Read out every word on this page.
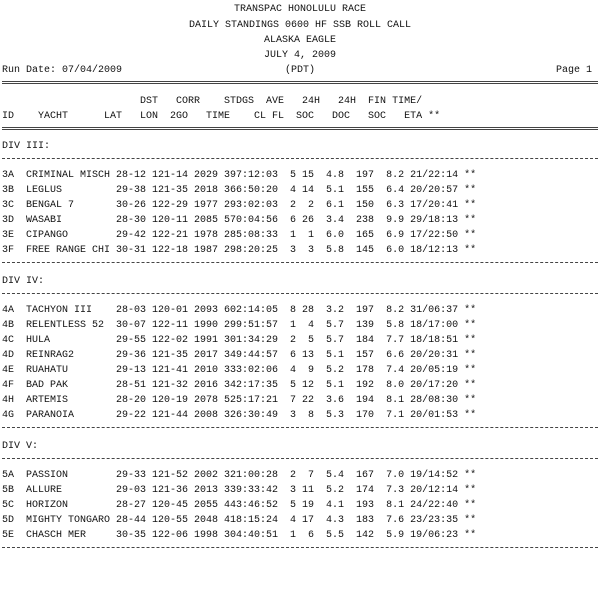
TRANSPAC HONOLULU RACE

DAILY STANDINGS 0600 HF SSB ROLL CALL

ALASKA EAGLE

JULY 4, 2009

Run Date: 07/04/2009

	(PDT)

	Page 1

DST   CORR    STDGS  AVE   24H   24H  FIN TIME/

ID    YACHT      LAT   LON  2GO   TIME    CL FL  SOC   DOC   SOC   ETA **

DIV III:

3A  CRIMINAL MISCH 28-12 121-14 2029 397:12:03  5 15  4.8  197  8.2 21/22:14 **

3B  LEGLUS         29-38 121-35 2018 366:50:20  4 14  5.1  155  6.4 20/20:57 **

3C  BENGAL 7       30-26 122-29 1977 293:02:03  2  2  6.1  150  6.3 17/20:41 **

3D  WASABI         28-30 120-11 2085 570:04:56  6 26  3.4  238  9.9 29/18:13 **

3E  CIPANGO        29-42 122-21 1978 285:08:33  1  1  6.0  165  6.9 17/22:50 **

3F  FREE RANGE CHI 30-31 122-18 1987 298:20:25  3  3  5.8  145  6.0 18/12:13 **

DIV IV:

4A  TACHYON III    28-03 120-01 2093 602:14:05  8 28  3.2  197  8.2 31/06:37 **

4B  RELENTLESS 52  30-07 122-11 1990 299:51:57  1  4  5.7  139  5.8 18/17:00 **

4C  HULA           29-55 122-02 1991 301:34:29  2  5  5.7  184  7.7 18/18:51 **

4D  REINRAG2       29-36 121-35 2017 349:44:57  6 13  5.1  157  6.6 20/20:31 **

4E  RUAHATU        29-13 121-41 2010 333:02:06  4  9  5.2  178  7.4 20/05:19 **

4F  BAD PAK        28-51 121-32 2016 342:17:35  5 12  5.1  192  8.0 20/17:20 **

4H  ARTEMIS        28-20 120-19 2078 525:17:21  7 22  3.6  194  8.1 28/08:30 **

4G  PARANOIA       29-22 121-44 2008 326:30:49  3  8  5.3  170  7.1 20/01:53 **

DIV V:

5A  PASSION        29-33 121-52 2002 321:00:28  2  7  5.4  167  7.0 19/14:52 **

5B  ALLURE         29-03 121-36 2013 339:33:42  3 11  5.2  174  7.3 20/12:14 **

5C  HORIZON        28-27 120-45 2055 443:46:52  5 19  4.1  193  8.1 24/22:40 **

5D  MIGHTY TONGARO 28-44 120-55 2048 418:15:24  4 17  4.3  183  7.6 23/23:35 **

5E  CHASCH MER     30-35 122-06 1998 304:40:51  1  6  5.5  142  5.9 19/06:23 **
